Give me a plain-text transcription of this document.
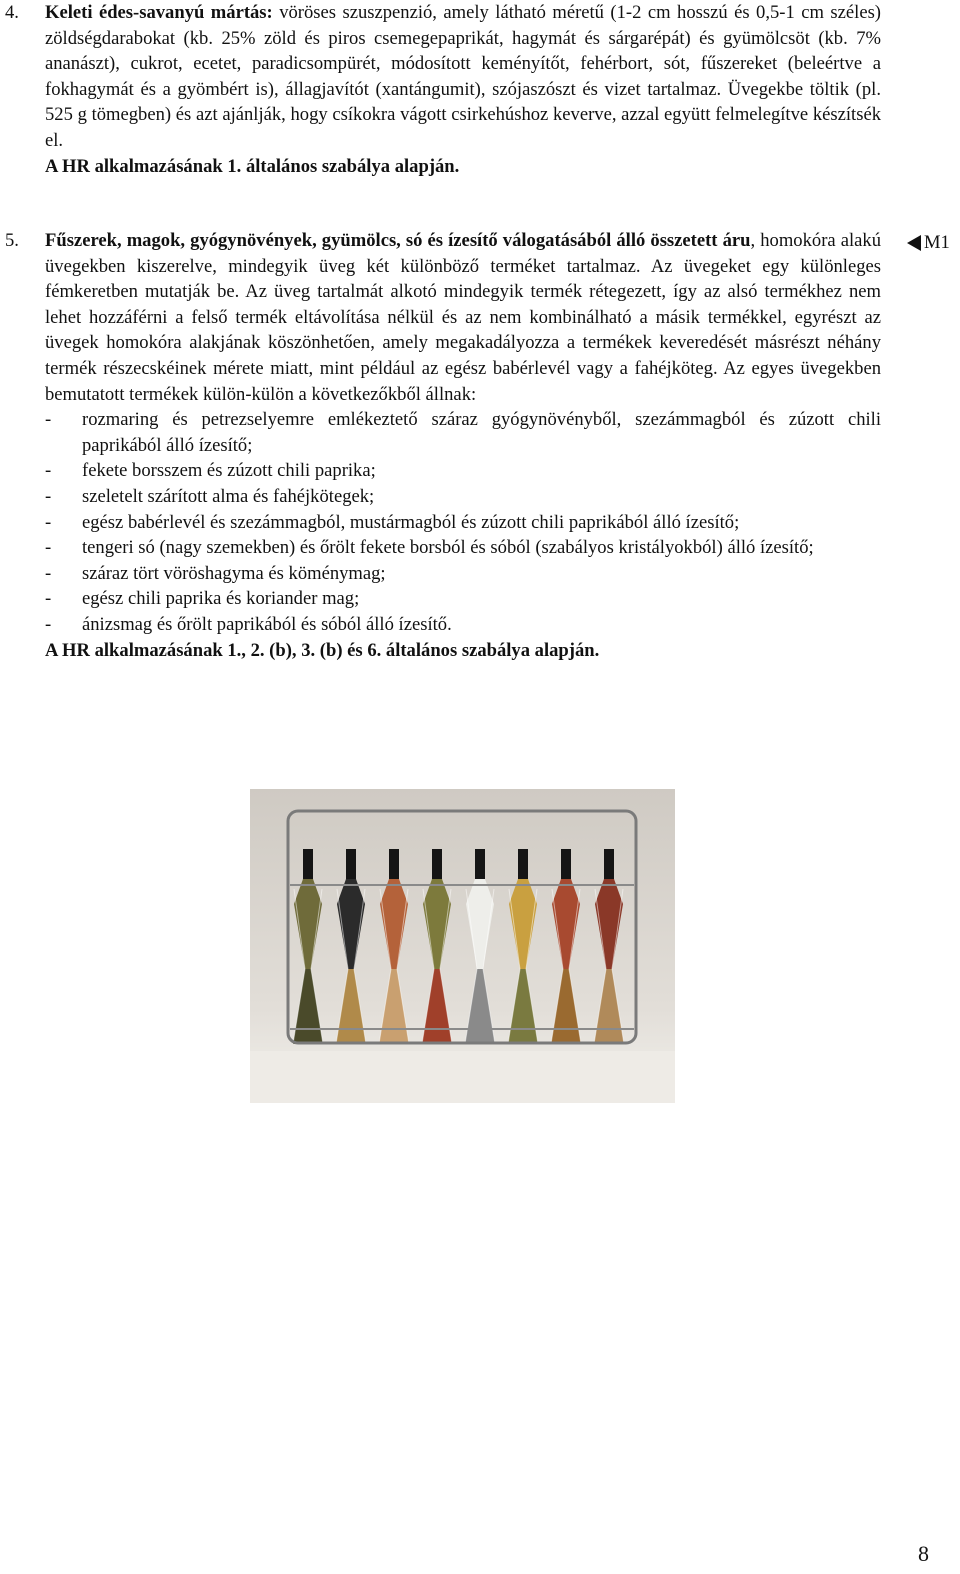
4. Keleti édes-savanyú mártás: vöröses szuszpenzió, amely látható méretű (1-2 cm hosszú és 0,5-1 cm széles) zöldségdarabokat (kb. 25% zöld és piros csemegepaprikát, hagymát és sárgarépát) és gyümölcsöt (kb. 7% ananászt), cukrot, ecetet, paradicsompürét, módosított keményítőt, fehérbort, sót, fűszereket (beleértve a fokhagymát és a gyömbért is), állagjavítót (xantángumit), szójaszószt és vizet tartalmaz. Üvegekbe töltik (pl. 525 g tömegben) és azt ajánlják, hogy csíkokra vágott csirkehúshoz keverve, azzal együtt felmelegítve készítsék el.

A HR alkalmazásának 1. általános szabálya alapján.

5. Fűszerek, magok, gyógynövények, gyümölcs, só és ízesítő válogatásából álló összetett áru, homokóra alakú üvegekben kiszerelve, mindegyik üveg két különböző terméket tartalmaz. Az üvegeket egy különleges fémkeretben mutatják be. Az üveg tartalmát alkotó mindegyik termék rétegezett, így az alsó termékhez nem lehet hozzáférni a felső termék eltávolítása nélkül és az nem kombinálható a másik termékkel, egyrészt az üvegek homokóra alakjának köszönhetően, amely megakadályozza a termékek keveredését másrészt néhány termék részecskéinek mérete miatt, mint például az egész babérlevél vagy a fahéjköteg. Az egyes üvegekben bemutatott termékek külön-külön a következőkből állnak:

- rozmaring és petrezselyemre emlékeztető száraz gyógynövényből, szezámmagból és zúzott chili paprikából álló ízesítő;
- fekete borsszem és zúzott chili paprika;
- szeletelt szárított alma és fahéjkötegek;
- egész babérlevél és szezámmagból, mustármagból és zúzott chili paprikából álló ízesítő;
- tengeri só (nagy szemekben) és őrölt fekete borsból és sóból (szabályos kristályokból) álló ízesítő;
- száraz tört vöröshagyma és köménymag;
- egész chili paprika és koriander mag;
- ánizsmag és őrölt paprikából és sóból álló ízesítő.

A HR alkalmazásának 1., 2. (b), 3. (b) és 6. általános szabálya alapján.

M1
8
